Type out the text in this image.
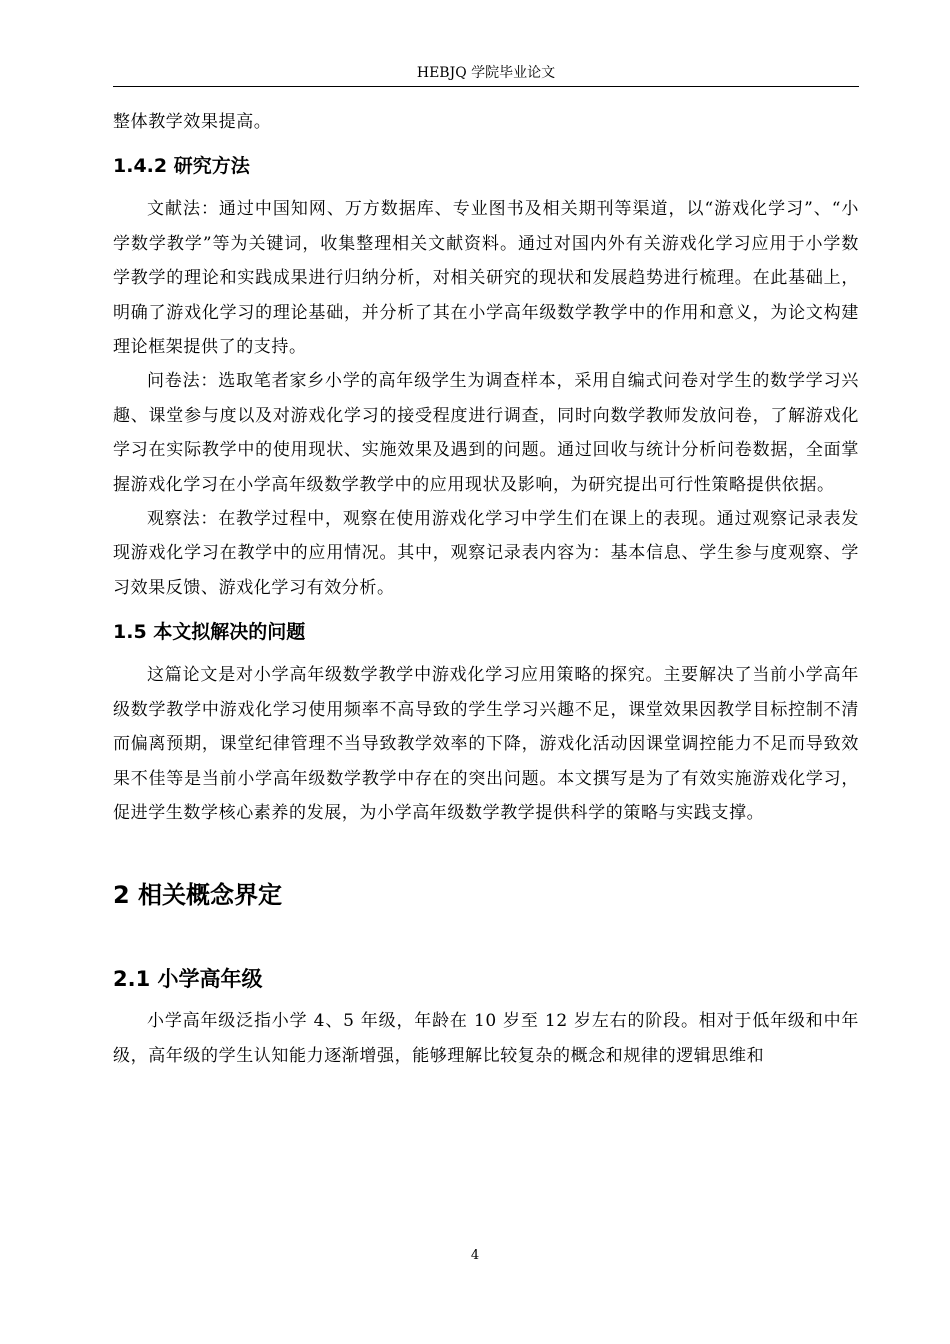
HEBJQ 学院毕业论文

整体教学效果提高。

1.4.2 研究方法

文献法：通过中国知网、万方数据库、专业图书及相关期刊等渠道，以“游戏化学习”、“小学数学教学”等为关键词，收集整理相关文献资料。通过对国内外有关游戏化学习应用于小学数学教学的理论和实践成果进行归纳分析，对相关研究的现状和发展趋势进行梳理。在此基础上，明确了游戏化学习的理论基础，并分析了其在小学高年级数学教学中的作用和意义，为论文构建理论框架提供了的支持。

问卷法：选取笔者家乡小学的高年级学生为调查样本，采用自编式问卷对学生的数学学习兴趣、课堂参与度以及对游戏化学习的接受程度进行调查，同时向数学教师发放问卷，了解游戏化学习在实际教学中的使用现状、实施效果及遇到的问题。通过回收与统计分析问卷数据，全面掌握游戏化学习在小学高年级数学教学中的应用现状及影响，为研究提出可行性策略提供依据。

观察法：在教学过程中，观察在使用游戏化学习中学生们在课上的表现。通过观察记录表发现游戏化学习在教学中的应用情况。其中，观察记录表内容为：基本信息、学生参与度观察、学习效果反馈、游戏化学习有效分析。

1.5 本文拟解决的问题

这篇论文是对小学高年级数学教学中游戏化学习应用策略的探究。主要解决了当前小学高年级数学教学中游戏化学习使用频率不高导致的学生学习兴趣不足，课堂效果因教学目标控制不清而偏离预期，课堂纪律管理不当导致教学效率的下降，游戏化活动因课堂调控能力不足而导致效果不佳等是当前小学高年级数学教学中存在的突出问题。本文撰写是为了有效实施游戏化学习，促进学生数学核心素养的发展，为小学高年级数学教学提供科学的策略与实践支撑。

2 相关概念界定
2.1 小学高年级

小学高年级泛指小学 4、5 年级，年龄在 10 岁至 12 岁左右的阶段。相对于低年级和中年级，高年级的学生认知能力逐渐增强，能够理解比较复杂的概念和规律的逻辑思维和

4
